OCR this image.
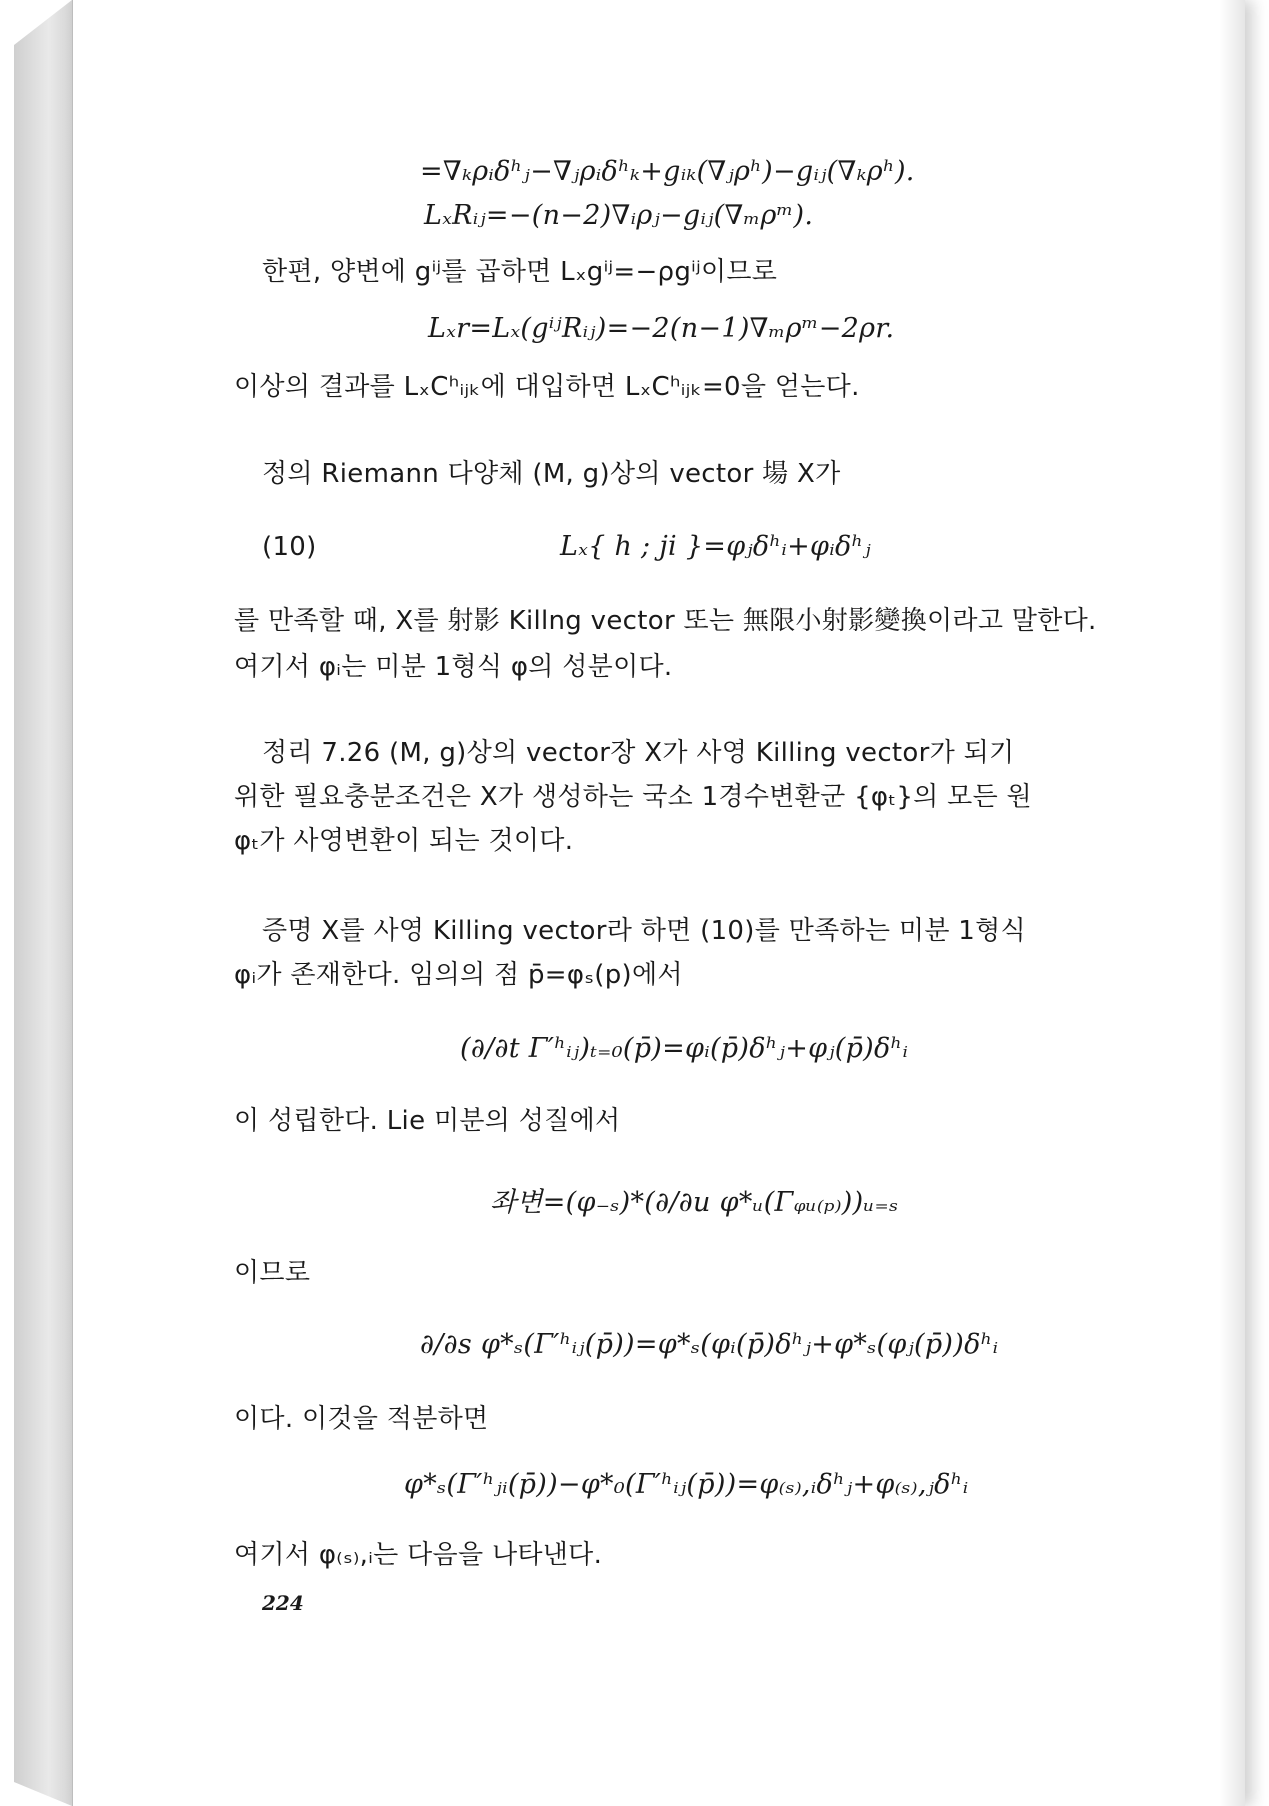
=∇ₖρᵢδʰⱼ−∇ⱼρᵢδʰₖ+gᵢₖ(∇ⱼρʰ)−gᵢⱼ(∇ₖρʰ).
LₓRᵢⱼ=−(n−2)∇ᵢρⱼ−gᵢⱼ(∇ₘρᵐ).
한편, 양변에 gⁱʲ를 곱하면 Lₓgⁱʲ=−ρgⁱʲ이므로
Lₓr=Lₓ(gⁱʲRᵢⱼ)=−2(n−1)∇ₘρᵐ−2ρr.
이상의 결과를 LₓCʰᵢⱼₖ에 대입하면 LₓCʰᵢⱼₖ=0을 얻는다.
정의 Riemann 다양체 (M, g)상의 vector 場 X가
(10)	Lₓ{ h ; ji }=φⱼδʰᵢ+φᵢδʰⱼ
를 만족할 때, X를 射影 Killng vector 또는 無限小射影變換이라고 말한다.
여기서 φᵢ는 미분 1형식 φ의 성분이다.
정리 7.26 (M, g)상의 vector장 X가 사영 Killing vector가 되기
위한 필요충분조건은 X가 생성하는 국소 1경수변환군 {φₜ}의 모든 원
φₜ가 사영변환이 되는 것이다.
증명 X를 사영 Killing vector라 하면 (10)를 만족하는 미분 1형식
φᵢ가 존재한다. 임의의 점 p̄=φₛ(p)에서
(∂/∂t Γ′ʰᵢⱼ)ₜ₌₀(p̄)=φᵢ(p̄)δʰⱼ+φⱼ(p̄)δʰᵢ
이 성립한다. Lie 미분의 성질에서
좌변=(φ₋ₛ)*(∂/∂u φ*ᵤ(Γᵩᵤ₍ₚ₎))ᵤ₌ₛ
이므로
∂/∂s φ*ₛ(Γ′ʰᵢⱼ(p̄))=φ*ₛ(φᵢ(p̄)δʰⱼ+φ*ₛ(φⱼ(p̄))δʰᵢ
이다. 이것을 적분하면
φ*ₛ(Γ′ʰⱼᵢ(p̄))−φ*₀(Γ′ʰᵢⱼ(p̄))=φ₍ₛ₎,ᵢδʰⱼ+φ₍ₛ₎,ⱼδʰᵢ
여기서 φ₍ₛ₎,ᵢ는 다음을 나타낸다.
224
